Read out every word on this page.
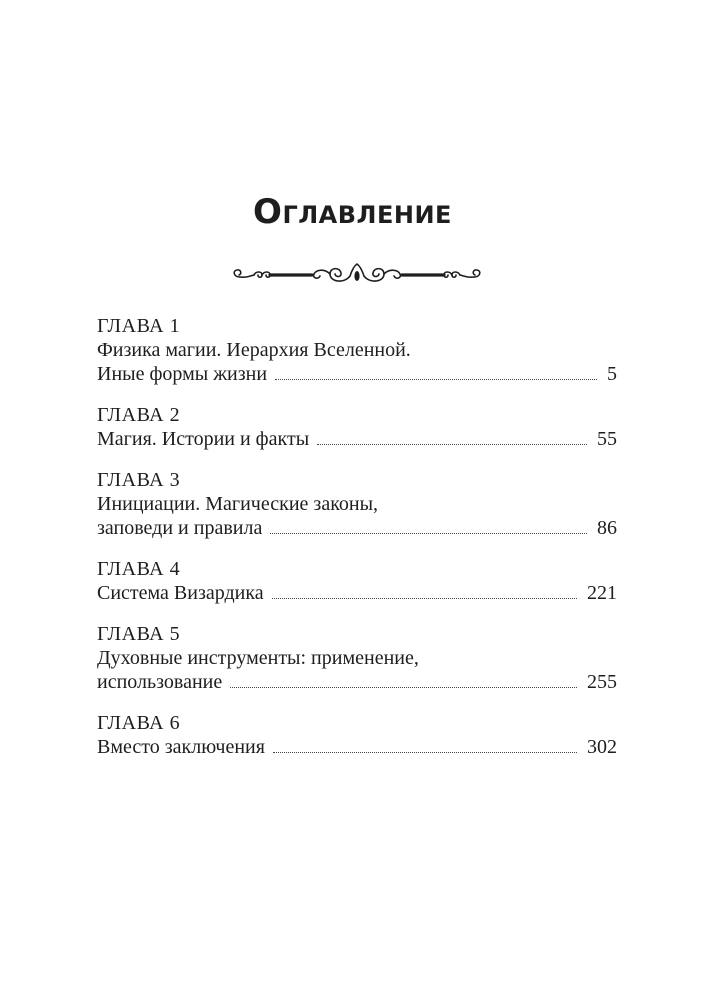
Оглавление
ГЛАВА 1
Физика магии. Иерархия Вселенной.
Иные формы жизни	5
ГЛАВА 2
Магия. Истории и факты	55
ГЛАВА 3
Инициации. Магические законы,
заповеди и правила	86
ГЛАВА 4
Система Визардика	221
ГЛАВА 5
Духовные инструменты: применение,
использование	255
ГЛАВА 6
Вместо заключения	302
